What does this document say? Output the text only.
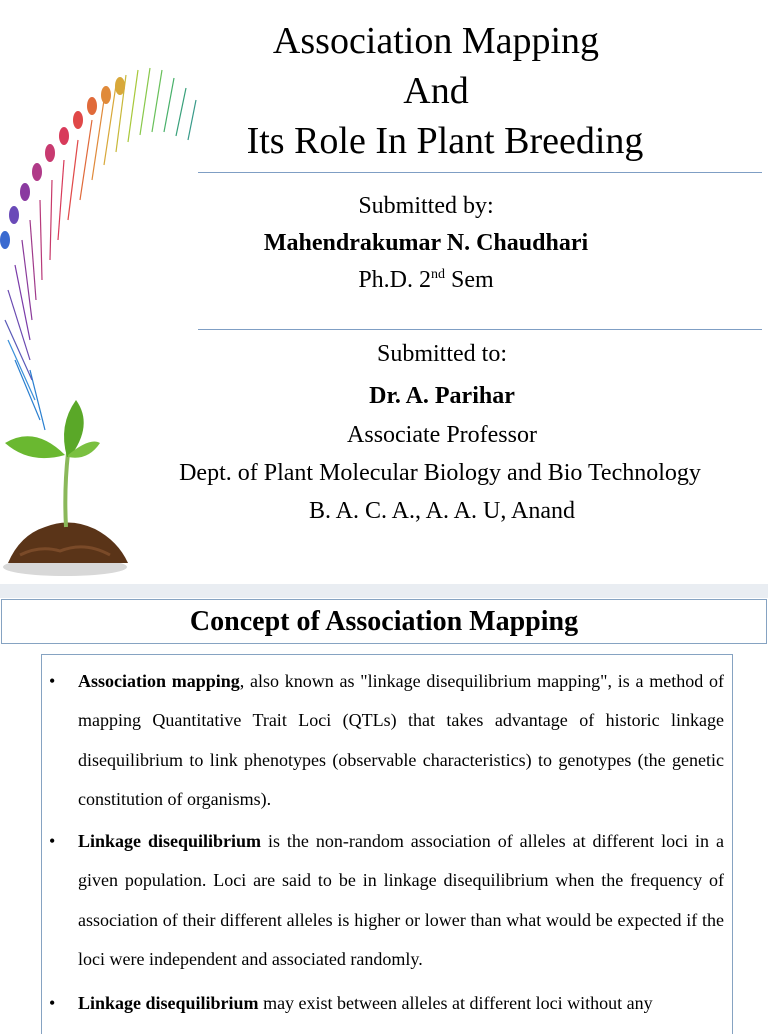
Association Mapping
And
Its Role In Plant Breeding
Submitted by:
Mahendrakumar N. Chaudhari
Ph.D. 2nd Sem
Submitted to:
Dr. A. Parihar
Associate Professor
Dept. of Plant Molecular Biology and Bio Technology
B. A. C. A., A. A. U, Anand
Concept of Association Mapping
• Association mapping, also known as "linkage disequilibrium mapping", is a method of mapping Quantitative Trait Loci (QTLs) that takes advantage of historic linkage disequilibrium to link phenotypes (observable characteristics) to genotypes (the genetic constitution of organisms).
• Linkage disequilibrium is the non-random association of alleles at different loci in a given population. Loci are said to be in linkage disequilibrium when the frequency of association of their different alleles is higher or lower than what would be expected if the loci were independent and associated randomly.
• Linkage disequilibrium may exist between alleles at different loci without any
